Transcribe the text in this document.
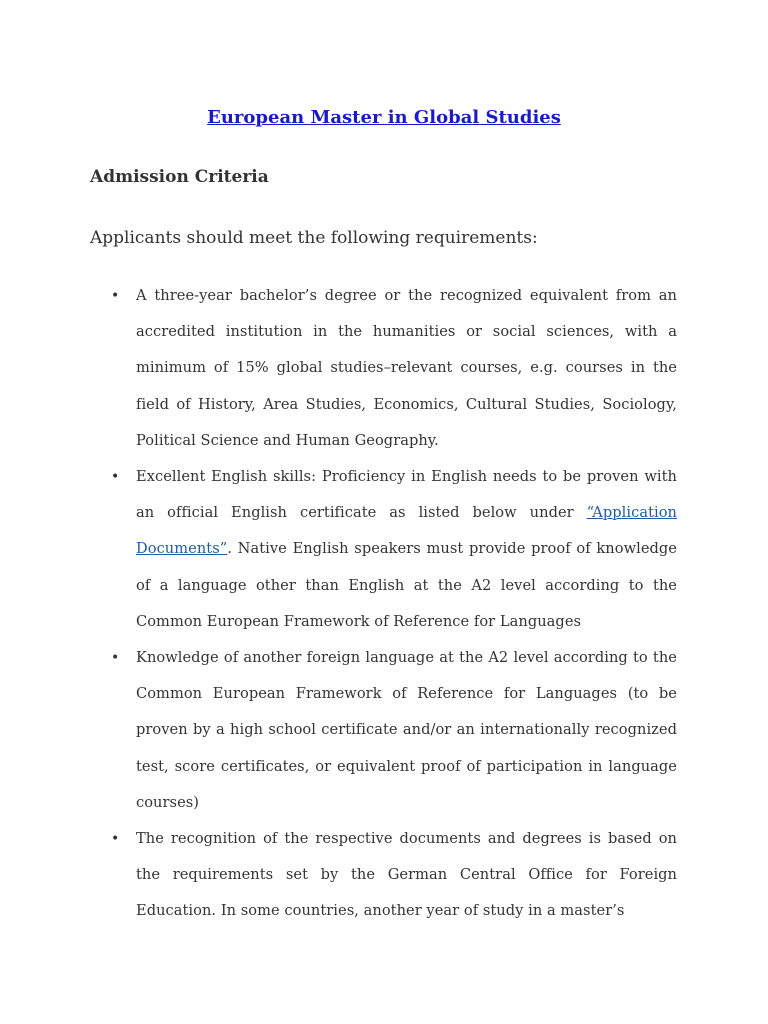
European Master in Global Studies
Admission Criteria

Applicants should meet the following requirements:

• A three-year bachelor’s degree or the recognized equivalent from an accredited institution in the humanities or social sciences, with a minimum of 15% global studies–relevant courses, e.g. courses in the field of History, Area Studies, Economics, Cultural Studies, Sociology, Political Science and Human Geography.
• Excellent English skills: Proficiency in English needs to be proven with an official English certificate as listed below under “Application Documents”. Native English speakers must provide proof of knowledge of a language other than English at the A2 level according to the Common European Framework of Reference for Languages
• Knowledge of another foreign language at the A2 level according to the Common European Framework of Reference for Languages (to be proven by a high school certificate and/or an internationally recognized test, score certificates, or equivalent proof of participation in language courses)
• The recognition of the respective documents and degrees is based on the requirements set by the German Central Office for Foreign Education. In some countries, another year of study in a master’s
